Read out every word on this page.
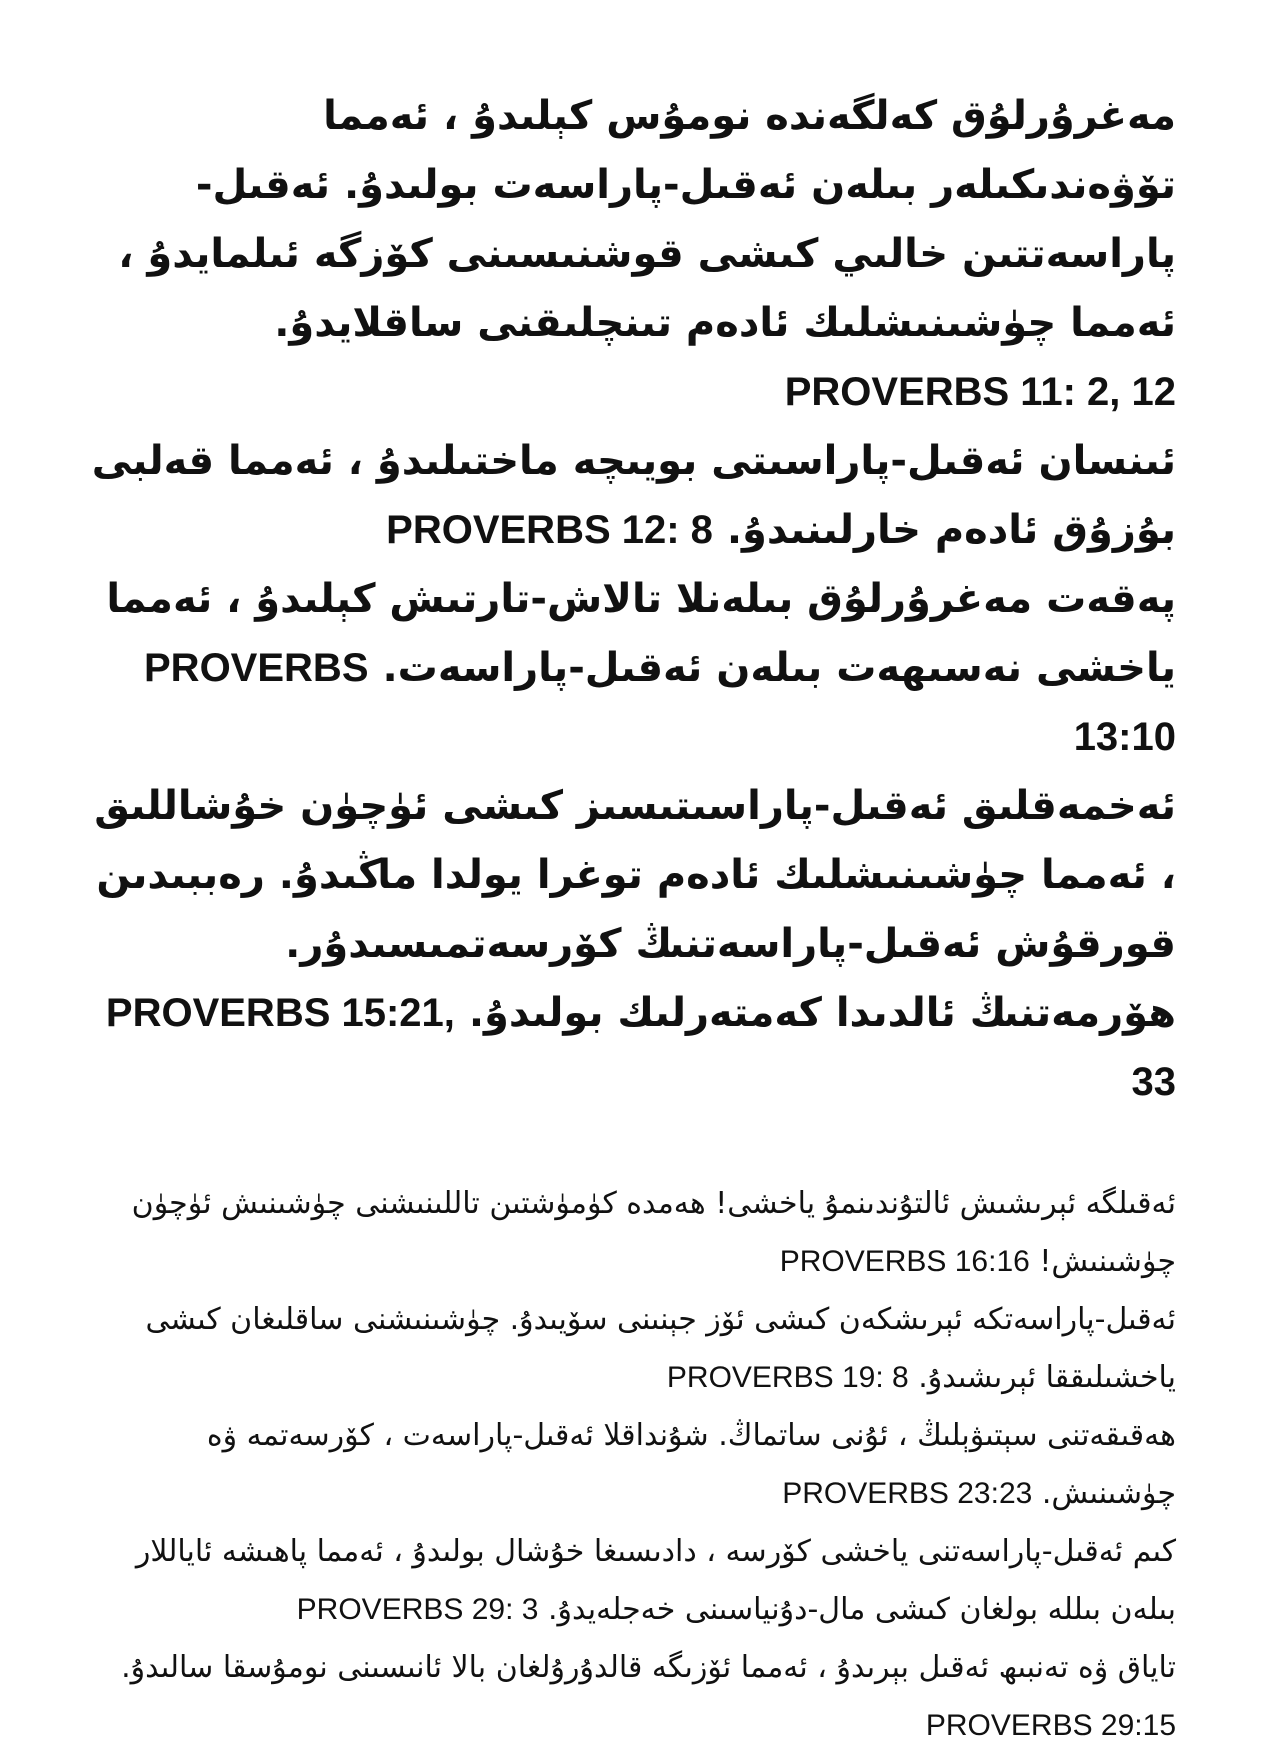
مەغرۇرلۇق كەلگەندە نومۇس كېلىدۇ ، ئەمما تۆۋەندىكىلەر بىلەن ئەقىل-پاراسەت بولىدۇ. ئەقىل-پاراسەتتىن خالىي كىشى قوشنىسىنى كۆزگە ئىلمايدۇ ، ئەمما چۈشىنىشلىك ئادەم تىنچلىقنى ساقلايدۇ. PROVERBS 11: 2, 12

ئىنسان ئەقىل-پاراسىتى بويىچە ماختىلىدۇ ، ئەمما قەلبى بۇزۇق ئادەم خارلىنىدۇ. PROVERBS 12: 8

پەقەت مەغرۇرلۇق بىلەنلا تالاش-تارتىش كېلىدۇ ، ئەمما ياخشى نەسىھەت بىلەن ئەقىل-پاراسەت. PROVERBS 13:10

ئەخمەقلىق ئەقىل-پاراسىتىسىز كىشى ئۈچۈن خۇشاللىق ، ئەمما چۈشىنىشلىك ئادەم توغرا يولدا ماڭىدۇ. رەببىدىن قورقۇش ئەقىل-پاراسەتنىڭ كۆرسەتمىسىدۇر. ھۆرمەتنىڭ ئالدىدا كەمتەرلىك بولىدۇ. PROVERBS 15:21, 33

ئەقىلگە ئېرىشىش ئالتۇندىنمۇ ياخشى! ھەمدە كۈمۈشتىن تاللىنىشنى چۈشىنىش ئۈچۈن چۈشىنىش! PROVERBS 16:16

ئەقىل-پاراسەتكە ئېرىشكەن كىشى ئۆز جېنىنى سۆيىدۇ. چۈشىنىشنى ساقلىغان كىشى ياخشىلىققا ئېرىشىدۇ. PROVERBS 19: 8

ھەقىقەتنى سېتىۋېلىڭ ، ئۇنى ساتماڭ. شۇنداقلا ئەقىل-پاراسەت ، كۆرسەتمە ۋە چۈشىنىش. PROVERBS 23:23

كىم ئەقىل-پاراسەتنى ياخشى كۆرسە ، دادىسىغا خۇشال بولىدۇ ، ئەمما پاھىشە ئاياللار بىلەن بىللە بولغان كىشى مال-دۇنياسىنى خەجلەيدۇ. PROVERBS 29: 3

تاياق ۋە تەنبىھ ئەقىل بېرىدۇ ، ئەمما ئۆزىگە قالدۇرۇلغان بالا ئانىسىنى نومۇسقا سالىدۇ. PROVERBS 29:15
